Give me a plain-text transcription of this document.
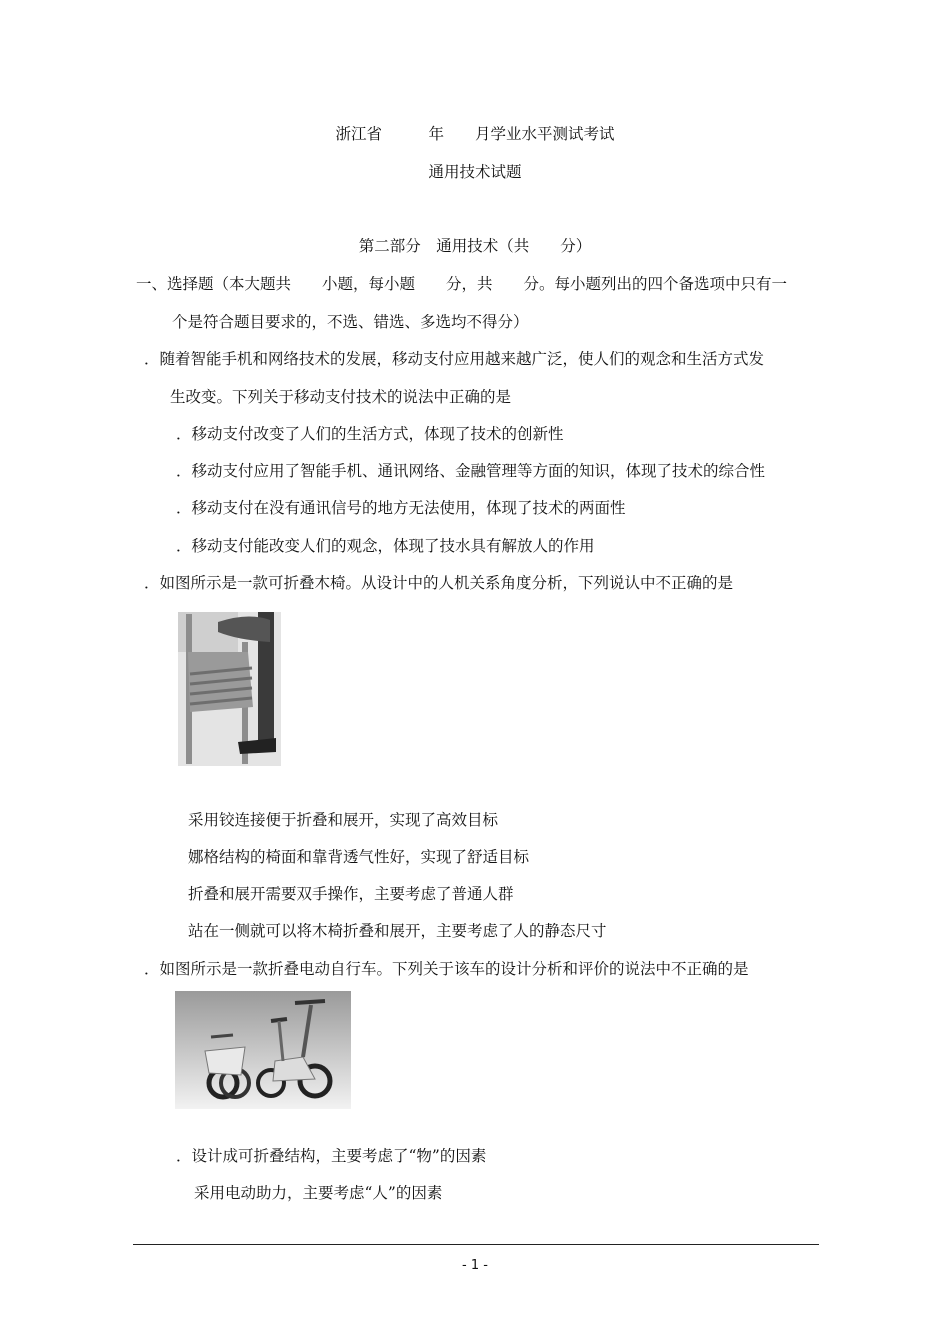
浙江省　　　年　　月学业水平测试考试
通用技术试题
第二部分　通用技术（共　　分）
一、选择题（本大题共　　小题，每小题　　分，共　　分。每小题列出的四个备选项中只有一
个是符合题目要求的，不选、错选、多选均不得分）
．随着智能手机和网络技术的发展，移动支付应用越来越广泛，使人们的观念和生活方式发
生改变。下列关于移动支付技术的说法中正确的是
．移动支付改变了人们的生活方式，体现了技术的创新性
．移动支付应用了智能手机、通讯网络、金融管理等方面的知识，体现了技术的综合性
．移动支付在没有通讯信号的地方无法使用，体现了技术的两面性
．移动支付能改变人们的观念，体现了技水具有解放人的作用
．如图所示是一款可折叠木椅。从设计中的人机关系角度分析，下列说认中不正确的是
采用铰连接便于折叠和展开，实现了高效目标
娜格结构的椅面和靠背透气性好，实现了舒适目标
折叠和展开需要双手操作，主要考虑了普通人群
站在一侧就可以将木椅折叠和展开，主要考虑了人的静态尺寸
．如图所示是一款折叠电动自行车。下列关于该车的设计分析和评价的说法中不正确的是
．设计成可折叠结构，主要考虑了“物”的因素
采用电动助力，主要考虑“人”的因素
- 1 -
